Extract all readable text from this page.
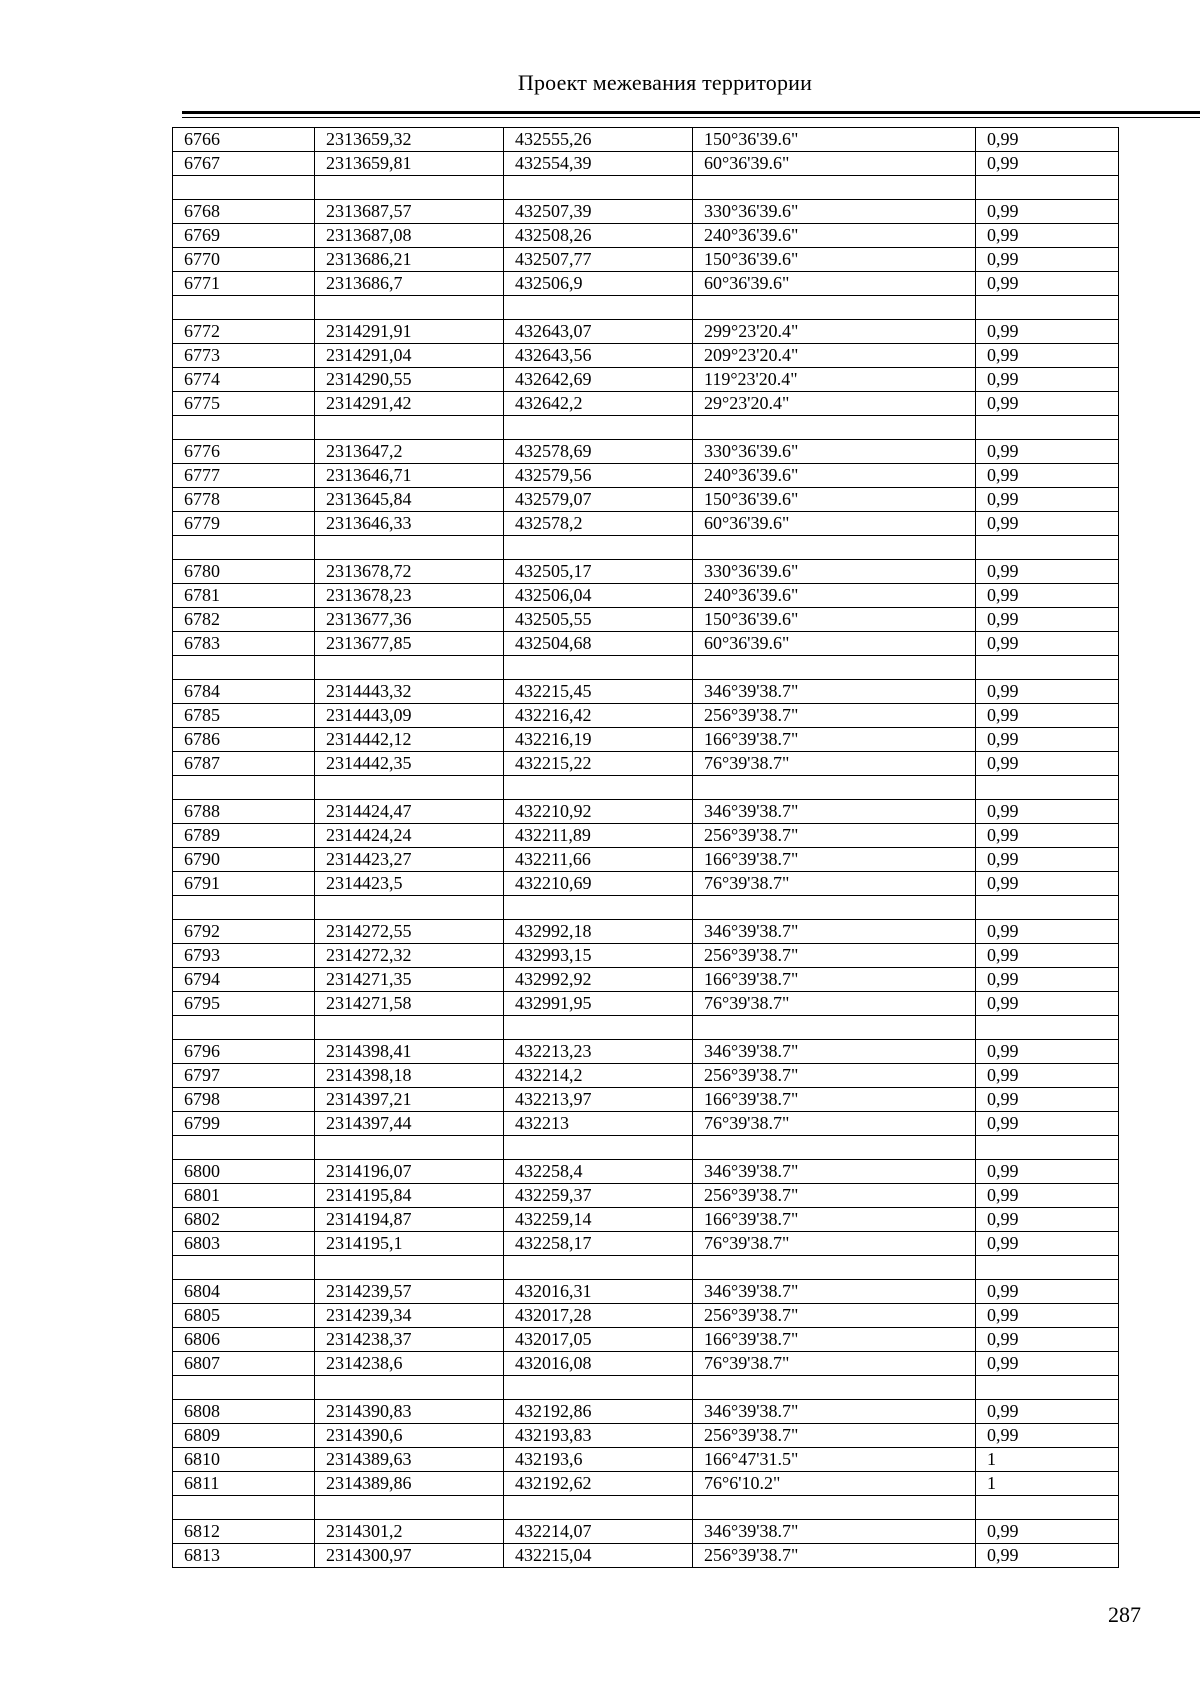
Проект межевания территории
6766	2313659,32	432555,26	150°36'39.6"	0,99
6767	2313659,81	432554,39	60°36'39.6"	0,99

6768	2313687,57	432507,39	330°36'39.6"	0,99
6769	2313687,08	432508,26	240°36'39.6"	0,99
6770	2313686,21	432507,77	150°36'39.6"	0,99
6771	2313686,7	432506,9	60°36'39.6"	0,99

6772	2314291,91	432643,07	299°23'20.4"	0,99
6773	2314291,04	432643,56	209°23'20.4"	0,99
6774	2314290,55	432642,69	119°23'20.4"	0,99
6775	2314291,42	432642,2	29°23'20.4"	0,99

6776	2313647,2	432578,69	330°36'39.6"	0,99
6777	2313646,71	432579,56	240°36'39.6"	0,99
6778	2313645,84	432579,07	150°36'39.6"	0,99
6779	2313646,33	432578,2	60°36'39.6"	0,99

6780	2313678,72	432505,17	330°36'39.6"	0,99
6781	2313678,23	432506,04	240°36'39.6"	0,99
6782	2313677,36	432505,55	150°36'39.6"	0,99
6783	2313677,85	432504,68	60°36'39.6"	0,99

6784	2314443,32	432215,45	346°39'38.7"	0,99
6785	2314443,09	432216,42	256°39'38.7"	0,99
6786	2314442,12	432216,19	166°39'38.7"	0,99
6787	2314442,35	432215,22	76°39'38.7"	0,99

6788	2314424,47	432210,92	346°39'38.7"	0,99
6789	2314424,24	432211,89	256°39'38.7"	0,99
6790	2314423,27	432211,66	166°39'38.7"	0,99
6791	2314423,5	432210,69	76°39'38.7"	0,99

6792	2314272,55	432992,18	346°39'38.7"	0,99
6793	2314272,32	432993,15	256°39'38.7"	0,99
6794	2314271,35	432992,92	166°39'38.7"	0,99
6795	2314271,58	432991,95	76°39'38.7"	0,99

6796	2314398,41	432213,23	346°39'38.7"	0,99
6797	2314398,18	432214,2	256°39'38.7"	0,99
6798	2314397,21	432213,97	166°39'38.7"	0,99
6799	2314397,44	432213	76°39'38.7"	0,99

6800	2314196,07	432258,4	346°39'38.7"	0,99
6801	2314195,84	432259,37	256°39'38.7"	0,99
6802	2314194,87	432259,14	166°39'38.7"	0,99
6803	2314195,1	432258,17	76°39'38.7"	0,99

6804	2314239,57	432016,31	346°39'38.7"	0,99
6805	2314239,34	432017,28	256°39'38.7"	0,99
6806	2314238,37	432017,05	166°39'38.7"	0,99
6807	2314238,6	432016,08	76°39'38.7"	0,99

6808	2314390,83	432192,86	346°39'38.7"	0,99
6809	2314390,6	432193,83	256°39'38.7"	0,99
6810	2314389,63	432193,6	166°47'31.5"	1
6811	2314389,86	432192,62	76°6'10.2"	1

6812	2314301,2	432214,07	346°39'38.7"	0,99
6813	2314300,97	432215,04	256°39'38.7"	0,99
287
